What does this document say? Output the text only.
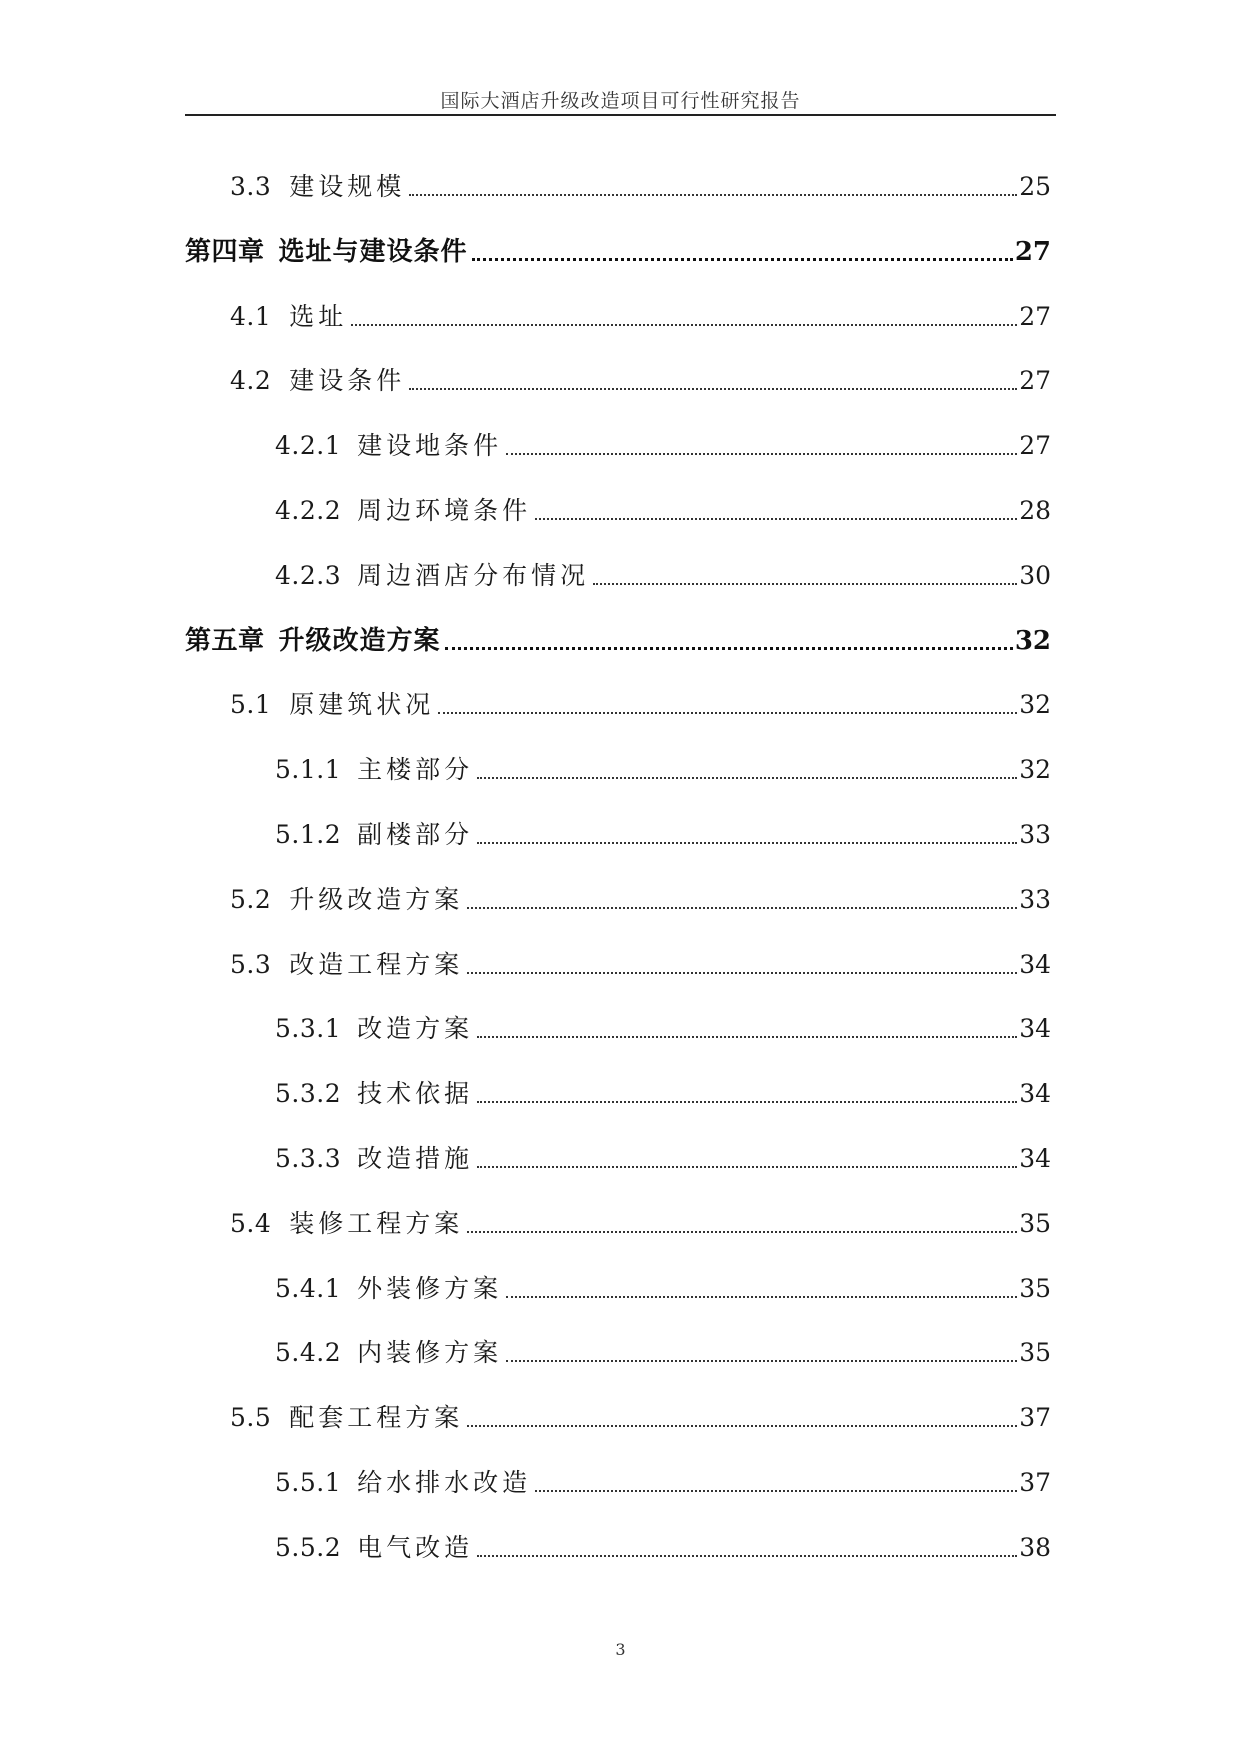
国际大酒店升级改造项目可行性研究报告
3.3 建设规模	25
第四章 选址与建设条件	27
4.1 选址	27
4.2 建设条件	27
4.2.1 建设地条件	27
4.2.2 周边环境条件	28
4.2.3 周边酒店分布情况	30
第五章 升级改造方案	32
5.1 原建筑状况	32
5.1.1 主楼部分	32
5.1.2 副楼部分	33
5.2 升级改造方案	33
5.3 改造工程方案	34
5.3.1 改造方案	34
5.3.2 技术依据	34
5.3.3 改造措施	34
5.4 装修工程方案	35
5.4.1 外装修方案	35
5.4.2 内装修方案	35
5.5 配套工程方案	37
5.5.1 给水排水改造	37
5.5.2 电气改造	38
3
